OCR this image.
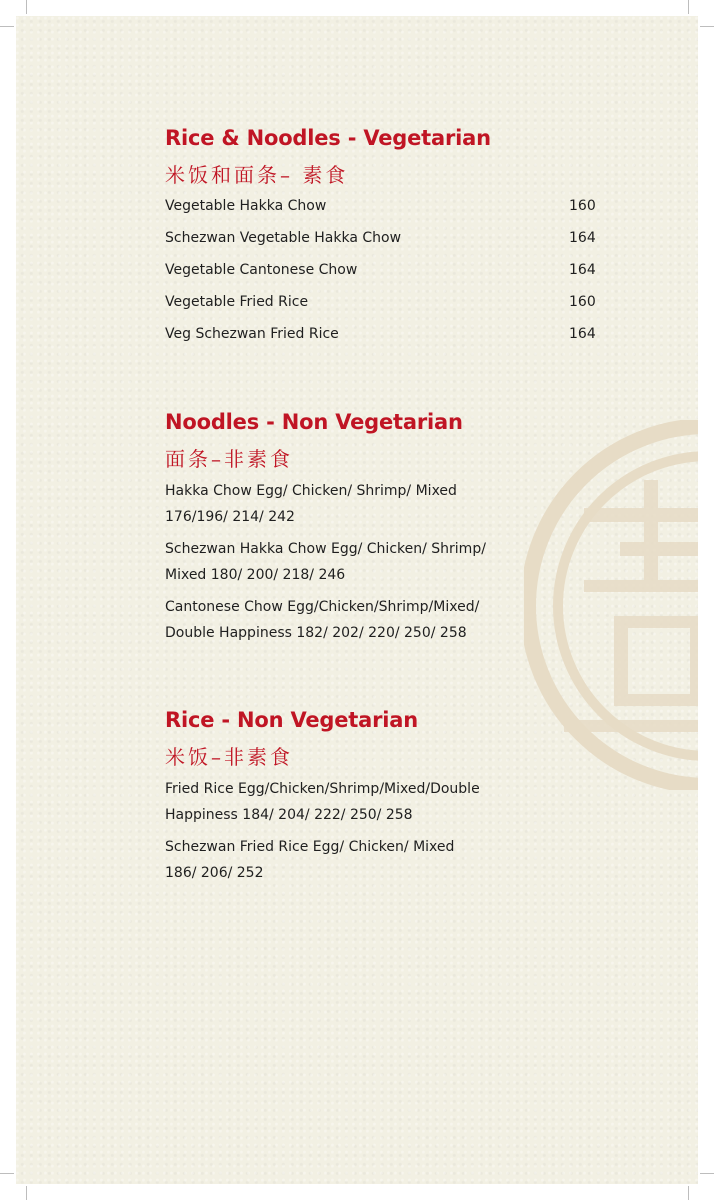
Rice & Noodles - Vegetarian
米饭和面条– 素食
Vegetable Hakka Chow	160
Schezwan Vegetable Hakka Chow	164
Vegetable Cantonese Chow	164
Vegetable Fried Rice	160
Veg Schezwan Fried Rice	164
Noodles - Non Vegetarian
面条–非素食

Hakka Chow Egg/ Chicken/ Shrimp/ Mixed
176/196/ 214/ 242

Schezwan Hakka Chow Egg/ Chicken/ Shrimp/
Mixed 180/ 200/ 218/ 246

Cantonese Chow Egg/Chicken/Shrimp/Mixed/
Double Happiness 182/ 202/ 220/ 250/ 258

Rice - Non Vegetarian
米饭–非素食

Fried Rice Egg/Chicken/Shrimp/Mixed/Double
Happiness 184/ 204/ 222/ 250/ 258

Schezwan Fried Rice Egg/ Chicken/ Mixed
186/ 206/ 252
